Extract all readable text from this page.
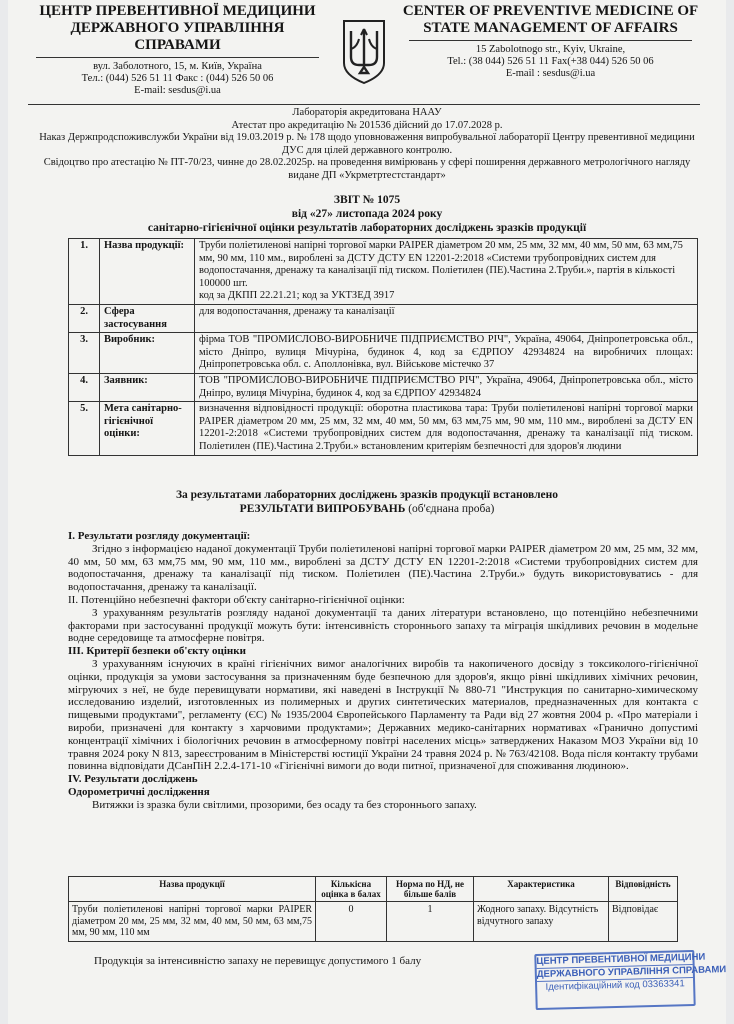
ЦЕНТР ПРЕВЕНТИВНОЇ МЕДИЦИНИ ДЕРЖАВНОГО УПРАВЛІННЯ СПРАВАМИ
вул. Заболотного, 15, м. Київ, Україна
Тел.: (044) 526 51 11 Факс : (044) 526 50 06
E-mail: sesdus@i.ua
CENTER OF PREVENTIVE MEDICINE OF STATE MANAGEMENT OF AFFAIRS
15 Zabolotnogo str., Kyiv, Ukraine,
Tel.: (38 044) 526 51 11 Fax(+38 044) 526 50 06
E-mail : sesdus@i.ua
Лабораторія акредитована НААУ
Атестат про акредитацію № 201536 дійсний до 17.07.2028 р.
Наказ Держпродспоживслужби України від 19.03.2019 р. № 178 щодо уповноваження випробувальної лабораторії Центру превентивної медицини ДУС для цілей державного контролю.
Свідоцтво про атестацію № ПТ-70/23, чинне до 28.02.2025р. на проведення вимірювань у сфері поширення державного метрологічного нагляду видане ДП «Укрметртестстандарт»
ЗВІТ № 1075
від «27» листопада 2024 року
санітарно-гігієнічної оцінки результатів лабораторних досліджень зразків продукції
1.	Назва продукції:	Труби поліетиленові напірні торгової марки PAIPER діаметром 20 мм, 25 мм, 32 мм, 40 мм, 50 мм, 63 мм,75 мм, 90 мм, 110 мм., вироблені за ДСТУ ДСТУ EN 12201-2:2018 «Системи трубопровідних систем для водопостачання, дренажу та каналізації під тиском. Поліетилен (ПЕ).Частина 2.Труби.», партія в кількості 100000 шт.
код за ДКПП 22.21.21; код за УКТЗЕД 3917

2.	Сфера застосування	для водопостачання, дренажу та каналізації
3.	Виробник:	фірма ТОВ "ПРОМИСЛОВО-ВИРОБНИЧЕ ПІДПРИЄМСТВО РІЧ", Україна, 49064, Дніпропетровська обл., місто Дніпро, вулиця Мічуріна, будинок 4, код за ЄДРПОУ 42934824 на виробничих площах: Дніпропетровська обл. с. Аполлонівка, вул. Військове містечко 37
4.	Заявник:	ТОВ "ПРОМИСЛОВО-ВИРОБНИЧЕ ПІДПРИЄМСТВО РІЧ", Україна, 49064, Дніпропетровська обл., місто Дніпро, вулиця Мічуріна, будинок 4, код за ЄДРПОУ 42934824
5.	Мета санітарно-гігієнічної оцінки:	визначення відповідності продукції: оборотна пластикова тара: Труби поліетиленові напірні торгової марки PAIPER діаметром 20 мм, 25 мм, 32 мм, 40 мм, 50 мм, 63 мм,75 мм, 90 мм, 110 мм., вироблені за ДСТУ EN 12201-2:2018 «Системи трубопровідних систем для водопостачання, дренажу та каналізації під тиском. Поліетилен (ПЕ).Частина 2.Труби.» встановленим критеріям безпечності для здоров'я людини
За результатами лабораторних досліджень зразків продукції встановлено
РЕЗУЛЬТАТИ ВИПРОБУВАНЬ (об'єднана проба)

І. Результати розгляду документації:

Згідно з інформацією наданої документації Труби поліетиленові напірні торгової марки PAIPER діаметром 20 мм, 25 мм, 32 мм, 40 мм, 50 мм, 63 мм,75 мм, 90 мм, 110 мм., вироблені за ДСТУ ДСТУ EN 12201-2:2018 «Системи трубопровідних систем для водопостачання, дренажу та каналізації під тиском. Поліетилен (ПЕ).Частина 2.Труби.» будуть використовуватись - для водопостачання, дренажу та каналізації.

ІІ. Потенційно небезпечні фактори об'єкту санітарно-гігієнічної оцінки:

З урахуванням результатів розгляду наданої документації та даних літератури встановлено, що потенційно небезпечними факторами при застосуванні продукції можуть бути: інтенсивність стороннього запаху та міграція шкідливих речовин в модельне водне середовище та атмосферне повітря.

ІІІ. Критерії безпеки об'єкту оцінки

З урахуванням існуючих в країні гігієнічних вимог аналогічних виробів та накопиченого досвіду з токсиколого-гігієнічної оцінки, продукція за умови застосування за призначенням буде безпечною для здоров'я, якщо рівні шкідливих хімічних речовин, мігруючих з неї, не буде перевищувати нормативи, які наведені в Інструкції № 880-71 "Инструкция по санитарно-химическому исследованию изделий, изготовленных из полимерных и других синтетических материалов, предназначенных для контакта с пищевыми продуктами", регламенту (ЄС) № 1935/2004 Європейського Парламенту та Ради від 27 жовтня 2004 р. «Про матеріали і вироби, призначені для контакту з харчовими продуктами»; Державних медико-санітарних нормативах «Гранично допустимі концентрації хімічних і біологічних речовин в атмосферному повітрі населених місць» затверджених Наказом МОЗ України від 10 травня 2024 року N 813, зареєстрованим в Міністерстві юстиції України 24 травня 2024 р. № 763/42108. Вода після контакту трубами повинна відповідати ДСанПіН 2.2.4-171-10 «Гігієнічні вимоги до води питної, призначеної для споживання людиною».

IV. Результати досліджень

Одорометричні дослідження

Витяжки із зразка були світлими, прозорими, без осаду та без стороннього запаху.

Назва продукції	Кількісна оцінка в балах	Норма по НД, не більше балів	Характеристика	Відповідність
Труби поліетиленові напірні торгової марки PAIPER діаметром 20 мм, 25 мм, 32 мм, 40 мм, 50 мм, 63 мм,75 мм, 90 мм, 110 мм	0	1	Жодного запаху. Відсутність відчутного запаху	Відповідає
Продукція за інтенсивністю запаху не перевищує допустимого 1 балу	ЦЕНТР ПРЕВЕНТИВНОЇ МЕДИЦИНИ
ДЕРЖАВНОГО УПРАВЛІННЯ СПРАВАМИ
Ідентифікаційний код 03363341
